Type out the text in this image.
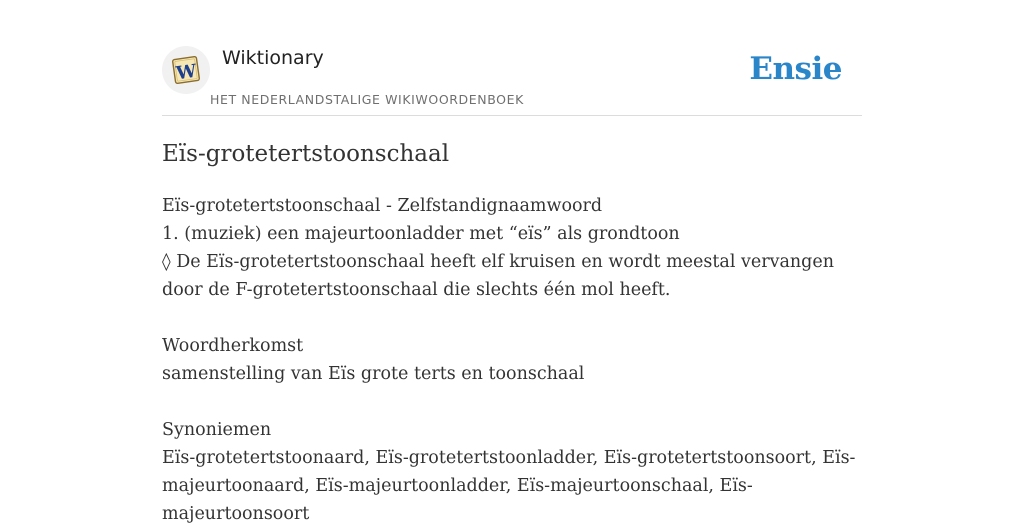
W
Wiktionary
HET NEDERLANDSTALIGE WIKIWOORDENBOEK
Ensie
Eïs-grotetertstoonschaal

Eïs-grotetertstoonschaal - Zelfstandignaamwoord

1. (muziek) een majeurtoonladder met “eïs” als grondtoon

◊ De Eïs-grotetertstoonschaal heeft elf kruisen en wordt meestal vervangen door de F-grotetertstoonschaal die slechts één mol heeft.

Woordherkomst

samenstelling van Eïs grote terts en toonschaal

Synoniemen

Eïs-grotetertstoonaard, Eïs-grotetertstoonladder, Eïs-grotetertstoonsoort, Eïs-majeurtoonaard, Eïs-majeurtoonladder, Eïs-majeurtoonschaal, Eïs-majeurtoonsoort
